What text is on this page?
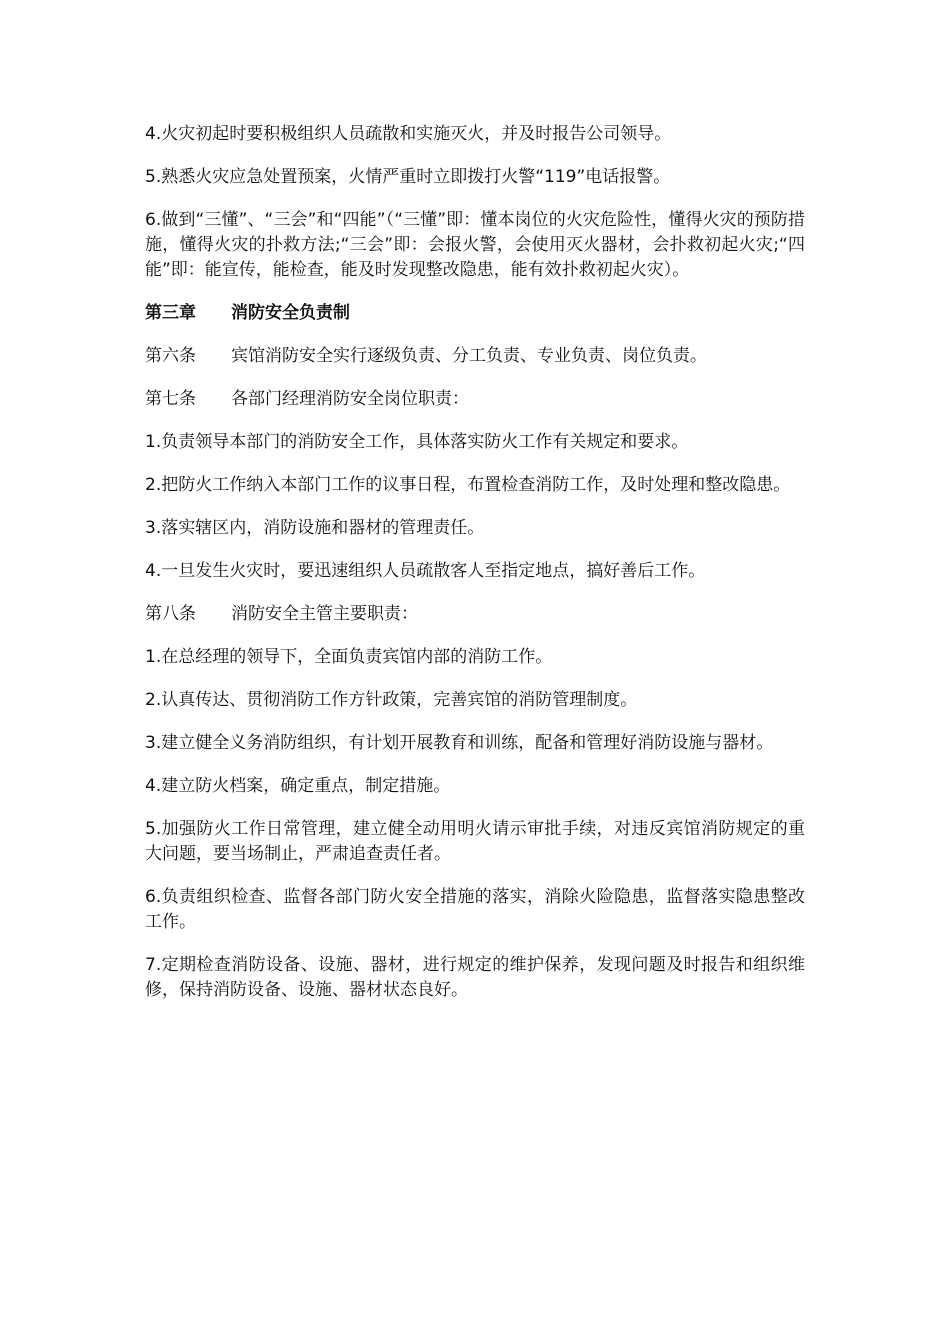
4.火灾初起时要积极组织人员疏散和实施灭火，并及时报告公司领导。

5.熟悉火灾应急处置预案，火情严重时立即拨打火警“119”电话报警。

6.做到“三懂”、“三会”和“四能”（“三懂”即：懂本岗位的火灾危险性，懂得火灾的预防措施，懂得火灾的扑救方法;“三会”即：会报火警，会使用灭火器材，会扑救初起火灾;“四能”即：能宣传，能检查，能及时发现整改隐患，能有效扑救初起火灾）。

第三章	消防安全负责制

第六条	宾馆消防安全实行逐级负责、分工负责、专业负责、岗位负责。

第七条	各部门经理消防安全岗位职责：

1.负责领导本部门的消防安全工作，具体落实防火工作有关规定和要求。

2.把防火工作纳入本部门工作的议事日程，布置检查消防工作，及时处理和整改隐患。

3.落实辖区内，消防设施和器材的管理责任。

4.一旦发生火灾时，要迅速组织人员疏散客人至指定地点，搞好善后工作。

第八条	消防安全主管主要职责：

1.在总经理的领导下，全面负责宾馆内部的消防工作。

2.认真传达、贯彻消防工作方针政策，完善宾馆的消防管理制度。

3.建立健全义务消防组织，有计划开展教育和训练，配备和管理好消防设施与器材。

4.建立防火档案，确定重点，制定措施。

5.加强防火工作日常管理，建立健全动用明火请示审批手续，对违反宾馆消防规定的重大问题，要当场制止，严肃追查责任者。

6.负责组织检查、监督各部门防火安全措施的落实，消除火险隐患，监督落实隐患整改工作。

7.定期检查消防设备、设施、器材，进行规定的维护保养，发现问题及时报告和组织维修，保持消防设备、设施、器材状态良好。
